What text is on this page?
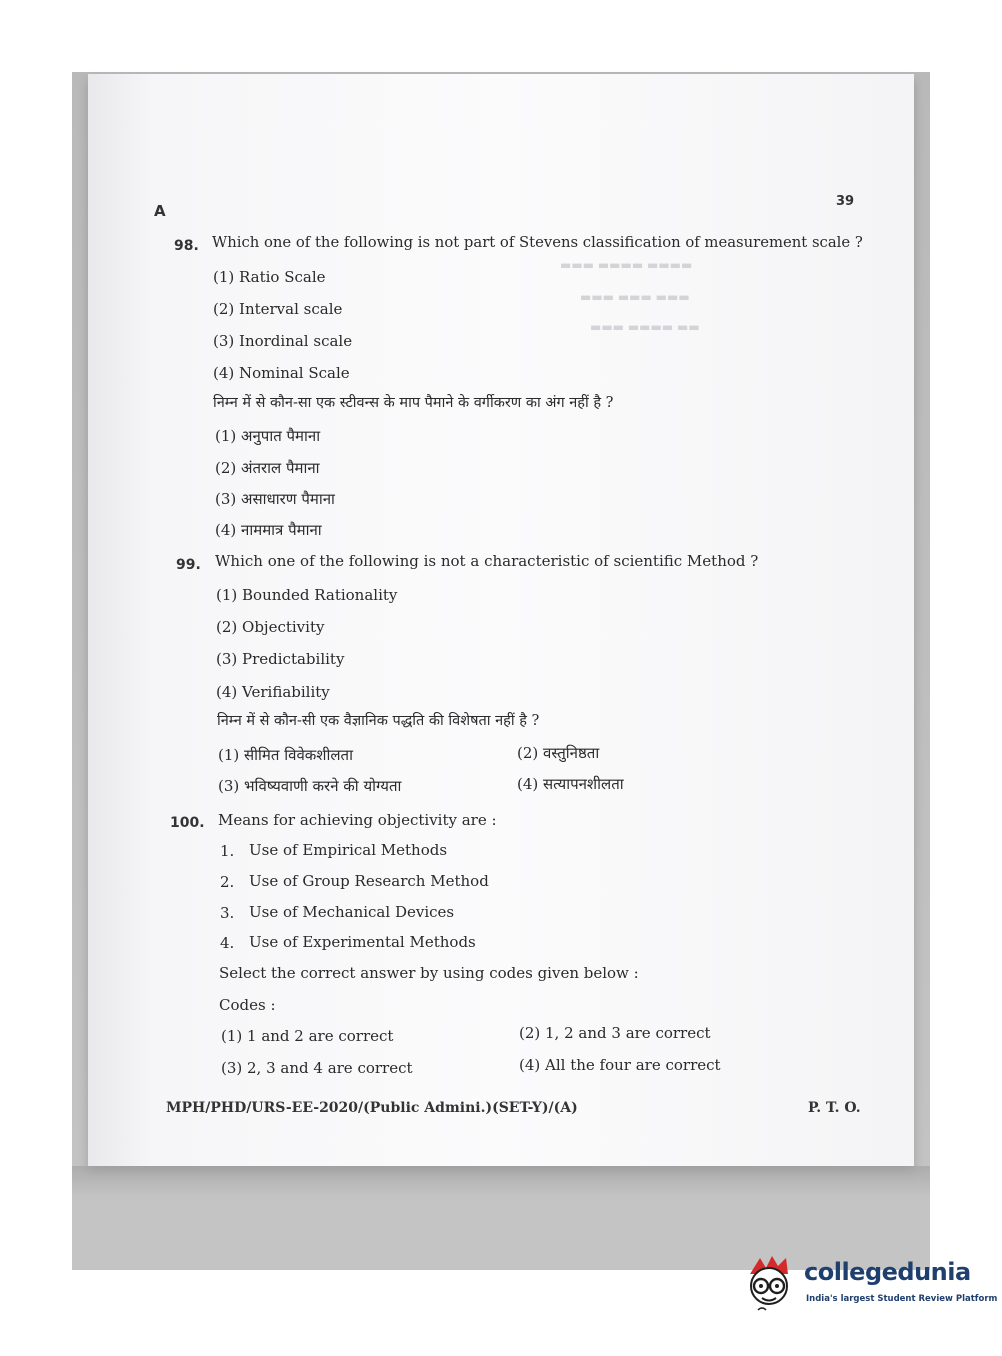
▬▬▬ ▬▬▬▬ ▬▬▬▬
▬▬▬ ▬▬▬ ▬▬▬
▬▬▬ ▬▬▬▬ ▬▬
A
39
98. Which one of the following is not part of Stevens classification of measurement scale ?
(1) Ratio Scale
(2) Interval scale
(3) Inordinal scale
(4) Nominal Scale
निम्न में से कौन-सा एक स्टीवन्स के माप पैमाने के वर्गीकरण का अंग नहीं है ?
(1) अनुपात पैमाना
(2) अंतराल पैमाना
(3) असाधारण पैमाना
(4) नाममात्र पैमाना
99. Which one of the following is not a characteristic of scientific Method ?
(1) Bounded Rationality
(2) Objectivity
(3) Predictability
(4) Verifiability
निम्न में से कौन-सी एक वैज्ञानिक पद्धति की विशेषता नहीं है ?
(1) सीमित विवेकशीलता	(2) वस्तुनिष्ठता
(3) भविष्यवाणी करने की योग्यता	(4) सत्यापनशीलता
100. Means for achieving objectivity are :
1. Use of Empirical Methods
2. Use of Group Research Method
3. Use of Mechanical Devices
4. Use of Experimental Methods
Select the correct answer by using codes given below :
Codes :
(1) 1 and 2 are correct	(2) 1, 2 and 3 are correct
(3) 2, 3 and 4 are correct	(4) All the four are correct
MPH/PHD/URS-EE-2020/(Public Admini.)(SET-Y)/(A)	P. T. O.
collegedunia
India's largest Student Review Platform
